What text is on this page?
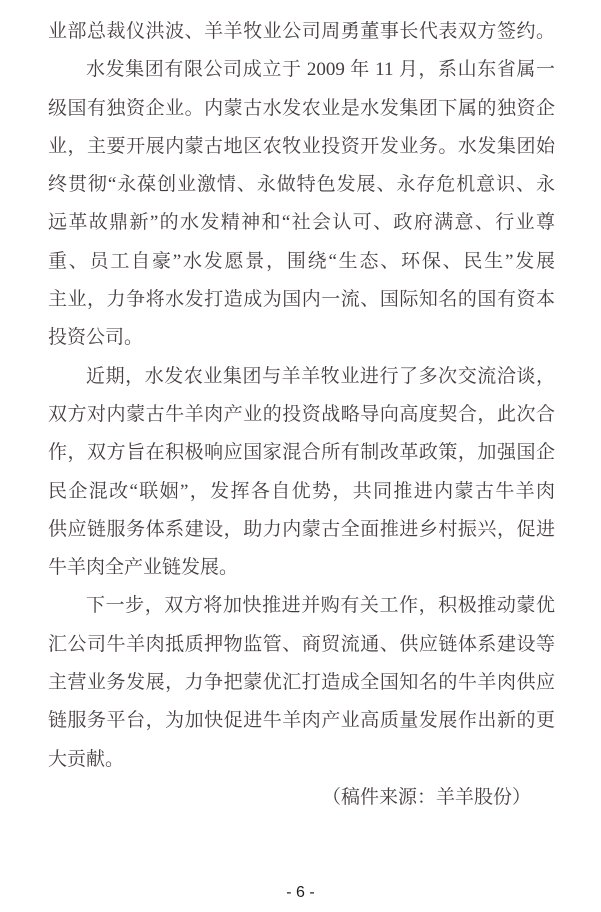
业部总裁仪洪波、羊羊牧业公司周勇董事长代表双方签约。
水发集团有限公司成立于 2009 年 11 月，系山东省属一
级国有独资企业。内蒙古水发农业是水发集团下属的独资企
业，主要开展内蒙古地区农牧业投资开发业务。水发集团始
终贯彻“永葆创业激情、永做特色发展、永存危机意识、永
远革故鼎新”的水发精神和“社会认可、政府满意、行业尊
重、员工自豪”水发愿景，围绕“生态、环保、民生”发展
主业，力争将水发打造成为国内一流、国际知名的国有资本
投资公司。
近期，水发农业集团与羊羊牧业进行了多次交流洽谈，
双方对内蒙古牛羊肉产业的投资战略导向高度契合，此次合
作，双方旨在积极响应国家混合所有制改革政策，加强国企
民企混改“联姻”，发挥各自优势，共同推进内蒙古牛羊肉
供应链服务体系建设，助力内蒙古全面推进乡村振兴，促进
牛羊肉全产业链发展。
下一步，双方将加快推进并购有关工作，积极推动蒙优
汇公司牛羊肉抵质押物监管、商贸流通、供应链体系建设等
主营业务发展，力争把蒙优汇打造成全国知名的牛羊肉供应
链服务平台，为加快促进牛羊肉产业高质量发展作出新的更
大贡献。
（稿件来源：羊羊股份）
- 6 -
